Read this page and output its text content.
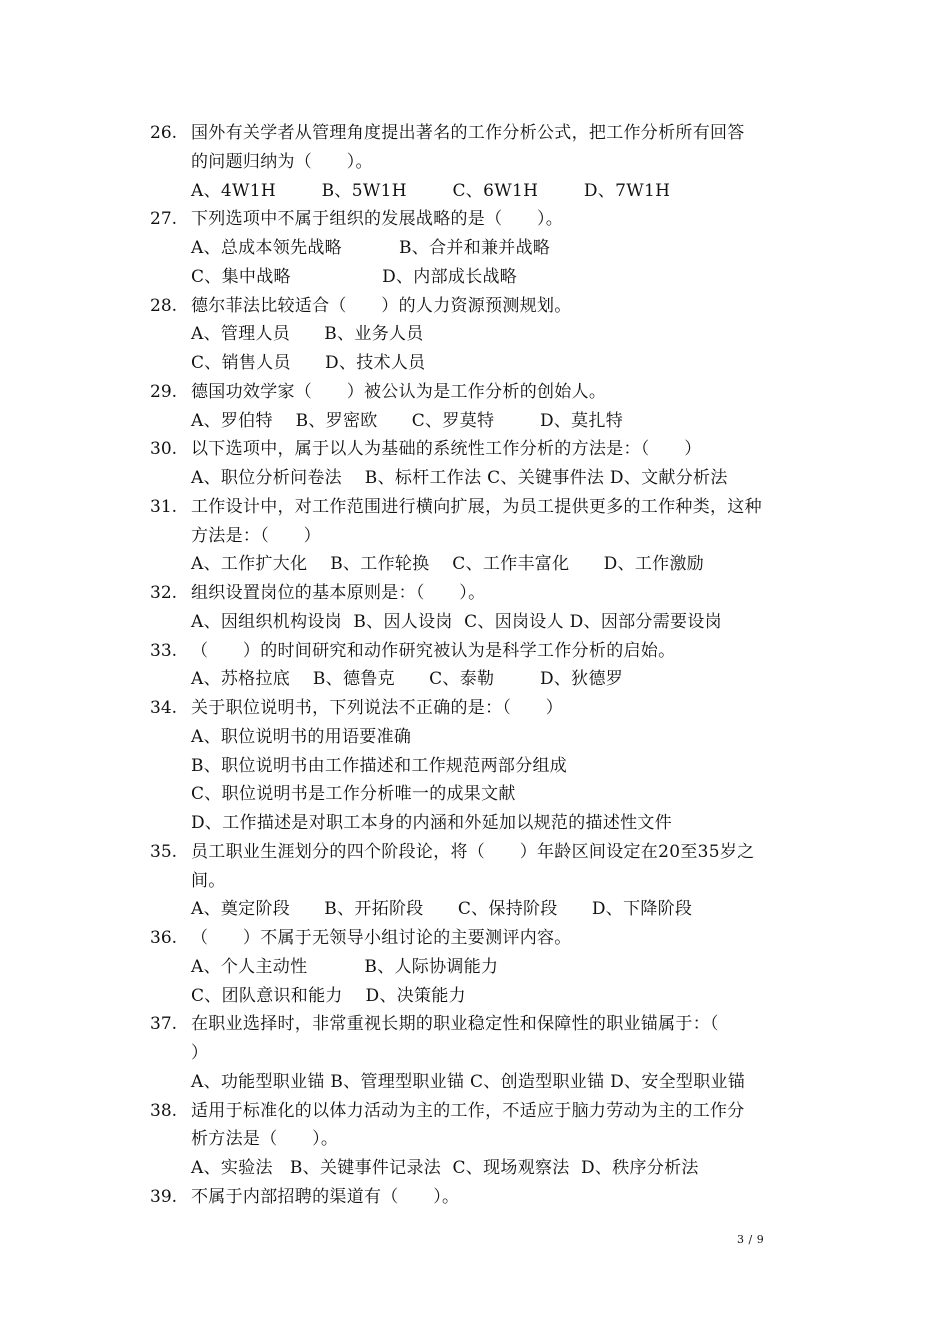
26. 国外有关学者从管理角度提出著名的工作分析公式，把工作分析所有回答
的问题归纳为（　　）。
A、4W1H        B、5W1H        C、6W1H        D、7W1H
27. 下列选项中不属于组织的发展战略的是（　　）。
A、总成本领先战略          B、合并和兼并战略
C、集中战略                D、内部成长战略
28. 德尔菲法比较适合（　　）的人力资源预测规划。
A、管理人员      B、业务人员
C、销售人员      D、技术人员
29. 德国功效学家（　　）被公认为是工作分析的创始人。
A、罗伯特    B、罗密欧      C、罗莫特        D、莫扎特
30. 以下选项中，属于以人为基础的系统性工作分析的方法是：（　　）
A、职位分析问卷法    B、标杆工作法 C、关键事件法 D、文献分析法
31. 工作设计中，对工作范围进行横向扩展，为员工提供更多的工作种类，这种
方法是：（　　）
A、工作扩大化    B、工作轮换    C、工作丰富化      D、工作激励
32. 组织设置岗位的基本原则是：（　　）。
A、因组织机构设岗  B、因人设岗  C、因岗设人 D、因部分需要设岗
33. （　　）的时间研究和动作研究被认为是科学工作分析的启始。
A、苏格拉底    B、德鲁克      C、泰勒        D、狄德罗
34. 关于职位说明书，下列说法不正确的是：（　　）
A、职位说明书的用语要准确
B、职位说明书由工作描述和工作规范两部分组成
C、职位说明书是工作分析唯一的成果文献
D、工作描述是对职工本身的内涵和外延加以规范的描述性文件
35. 员工职业生涯划分的四个阶段论，将（　　）年龄区间设定在20至35岁之
间。
A、奠定阶段      B、开拓阶段      C、保持阶段      D、下降阶段
36. （　　）不属于无领导小组讨论的主要测评内容。
A、个人主动性          B、人际协调能力
C、团队意识和能力    D、决策能力
37. 在职业选择时，非常重视长期的职业稳定性和保障性的职业锚属于：（
）
A、功能型职业锚 B、管理型职业锚 C、创造型职业锚 D、安全型职业锚
38. 适用于标准化的以体力活动为主的工作，不适应于脑力劳动为主的工作分
析方法是（　　）。
A、实验法   B、关键事件记录法  C、现场观察法  D、秩序分析法
39. 不属于内部招聘的渠道有（　　）。
3 / 9
